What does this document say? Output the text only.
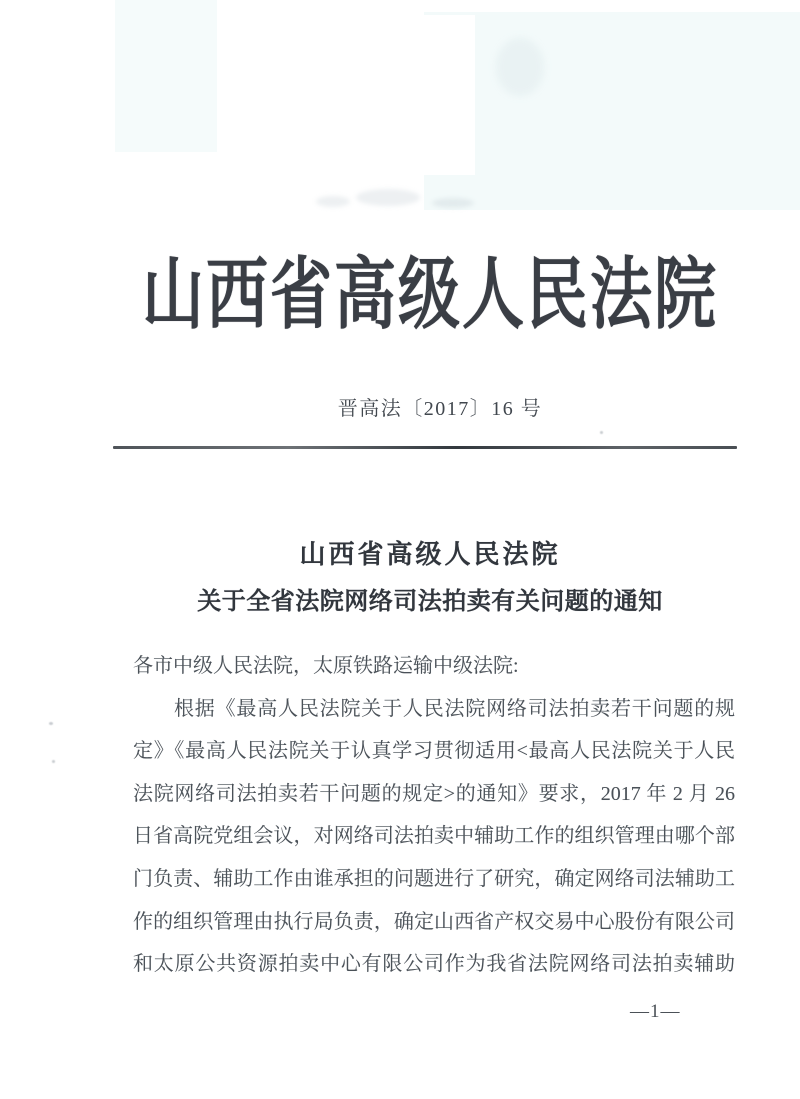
山西省高级人民法院
晋高法〔2017〕16 号
山西省高级人民法院
关于全省法院网络司法拍卖有关问题的通知
各市中级人民法院，太原铁路运输中级法院:
根据《最高人民法院关于人民法院网络司法拍卖若干问题的规
定》《最高人民法院关于认真学习贯彻适用<最高人民法院关于人民
法院网络司法拍卖若干问题的规定>的通知》要求，2017 年 2 月 26
日省高院党组会议，对网络司法拍卖中辅助工作的组织管理由哪个部
门负责、辅助工作由谁承担的问题进行了研究，确定网络司法辅助工
作的组织管理由执行局负责，确定山西省产权交易中心股份有限公司
和太原公共资源拍卖中心有限公司作为我省法院网络司法拍卖辅助
—1—
